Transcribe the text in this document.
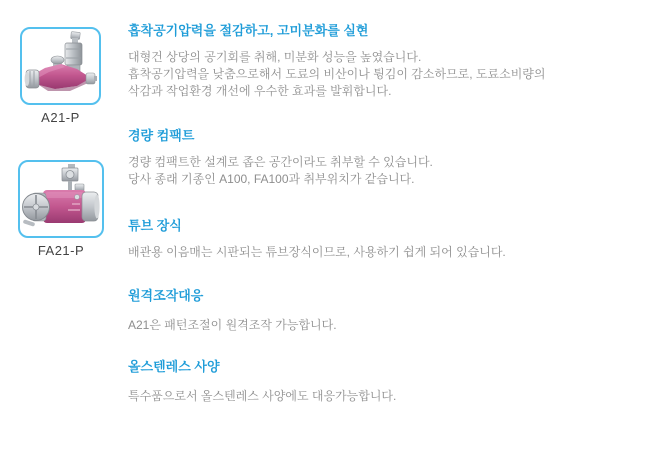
A21-P
FA21-P
흡착공기압력을 절감하고, 고미분화를 실현
대형건 상당의 공기회를 취해, 미분화 성능을 높였습니다.
흡착공기압력을 낮춤으로해서 도료의 비산이나 튕김이 감소하므로, 도료소비량의
삭감과 작업환경 개선에 우수한 효과를 발휘합니다.
경량 컴팩트
경량 컴팩트한 설계로 좁은 공간이라도 취부할 수 있습니다.
당사 종래 기종인 A100, FA100과 취부위치가 같습니다.
튜브 장식
배관용 이음매는 시판되는 튜브장식이므로, 사용하기 쉽게 되어 있습니다.
원격조작대응
A21은 패턴조절이 원격조작 가능합니다.
올스텐레스 사양
특수품으로서 올스텐레스 사양에도 대응가능합니다.
